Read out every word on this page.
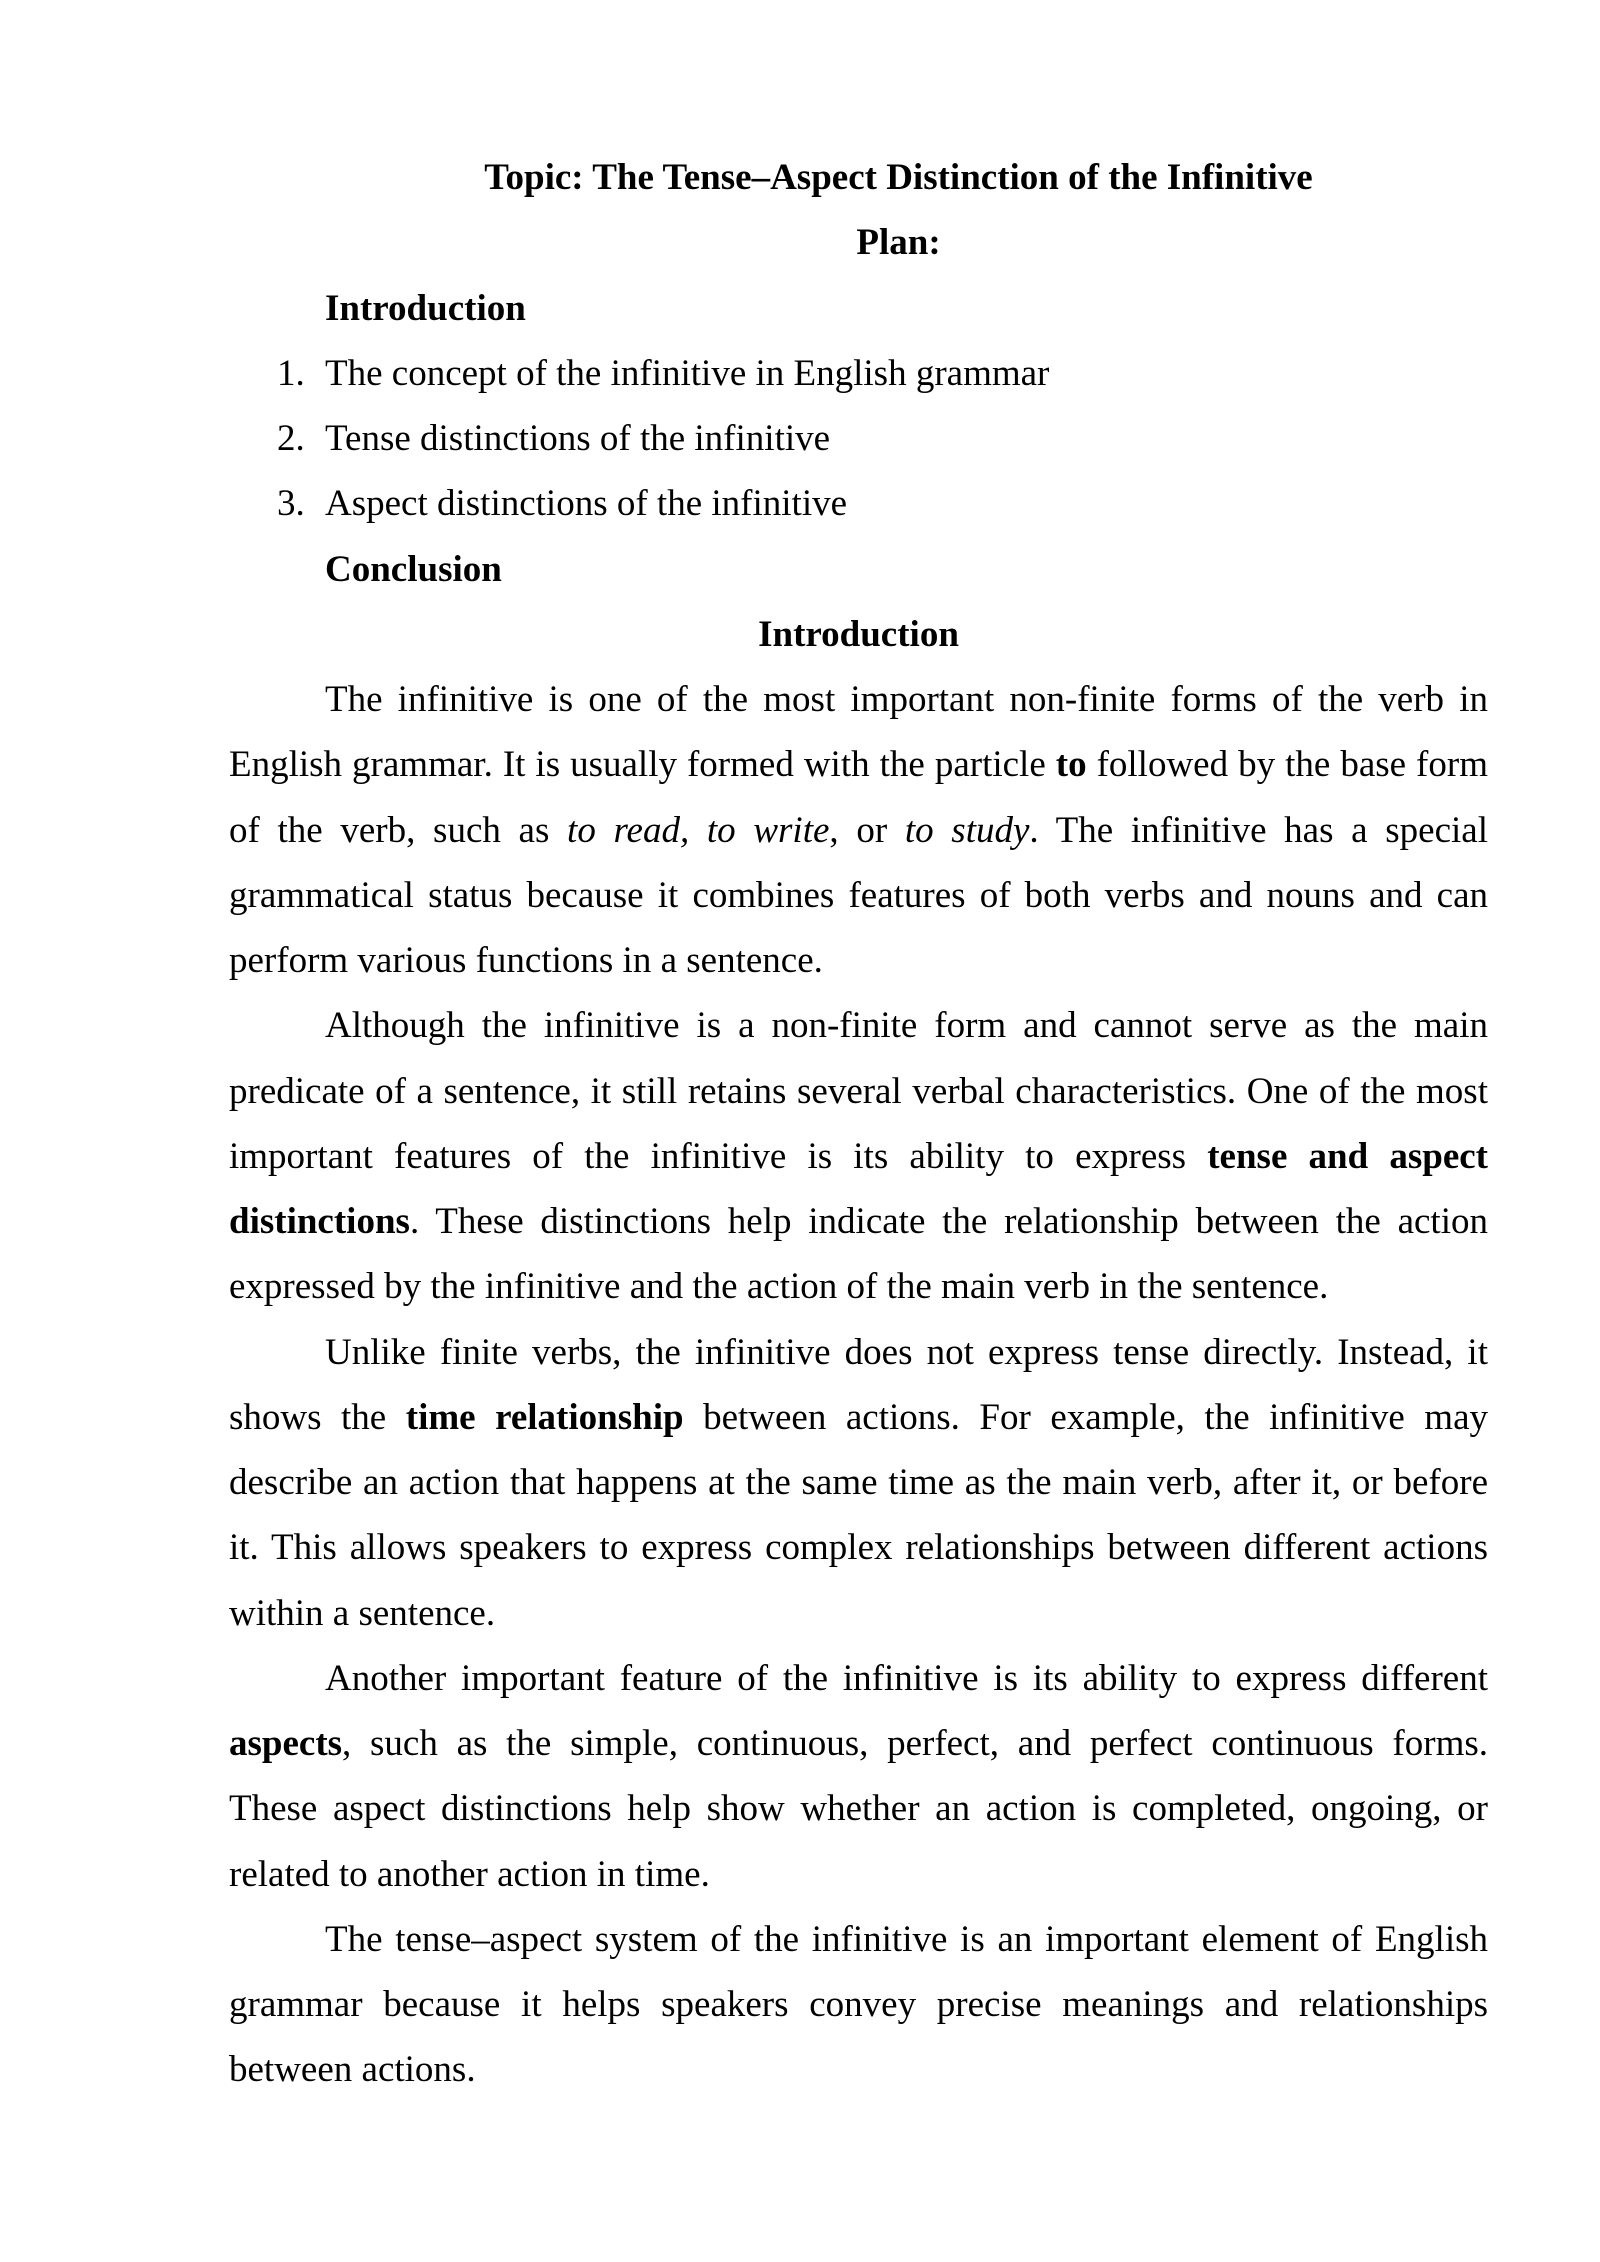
Topic: The Tense–Aspect Distinction of the Infinitive
Plan:
Introduction
1. The concept of the infinitive in English grammar
2. Tense distinctions of the infinitive
3. Aspect distinctions of the infinitive
Conclusion
Introduction

The infinitive is one of the most important non-finite forms of the verb in English grammar. It is usually formed with the particle to followed by the base form of the verb, such as to read, to write, or to study. The infinitive has a special grammatical status because it combines features of both verbs and nouns and can perform various functions in a sentence.

Although the infinitive is a non-finite form and cannot serve as the main predicate of a sentence, it still retains several verbal characteristics. One of the most important features of the infinitive is its ability to express tense and aspect distinctions. These distinctions help indicate the relationship between the action expressed by the infinitive and the action of the main verb in the sentence.

Unlike finite verbs, the infinitive does not express tense directly. Instead, it shows the time relationship between actions. For example, the infinitive may describe an action that happens at the same time as the main verb, after it, or before it. This allows speakers to express complex relationships between different actions within a sentence.

Another important feature of the infinitive is its ability to express different aspects, such as the simple, continuous, perfect, and perfect continuous forms. These aspect distinctions help show whether an action is completed, ongoing, or related to another action in time.

The tense–aspect system of the infinitive is an important element of English grammar because it helps speakers convey precise meanings and relationships between actions.
